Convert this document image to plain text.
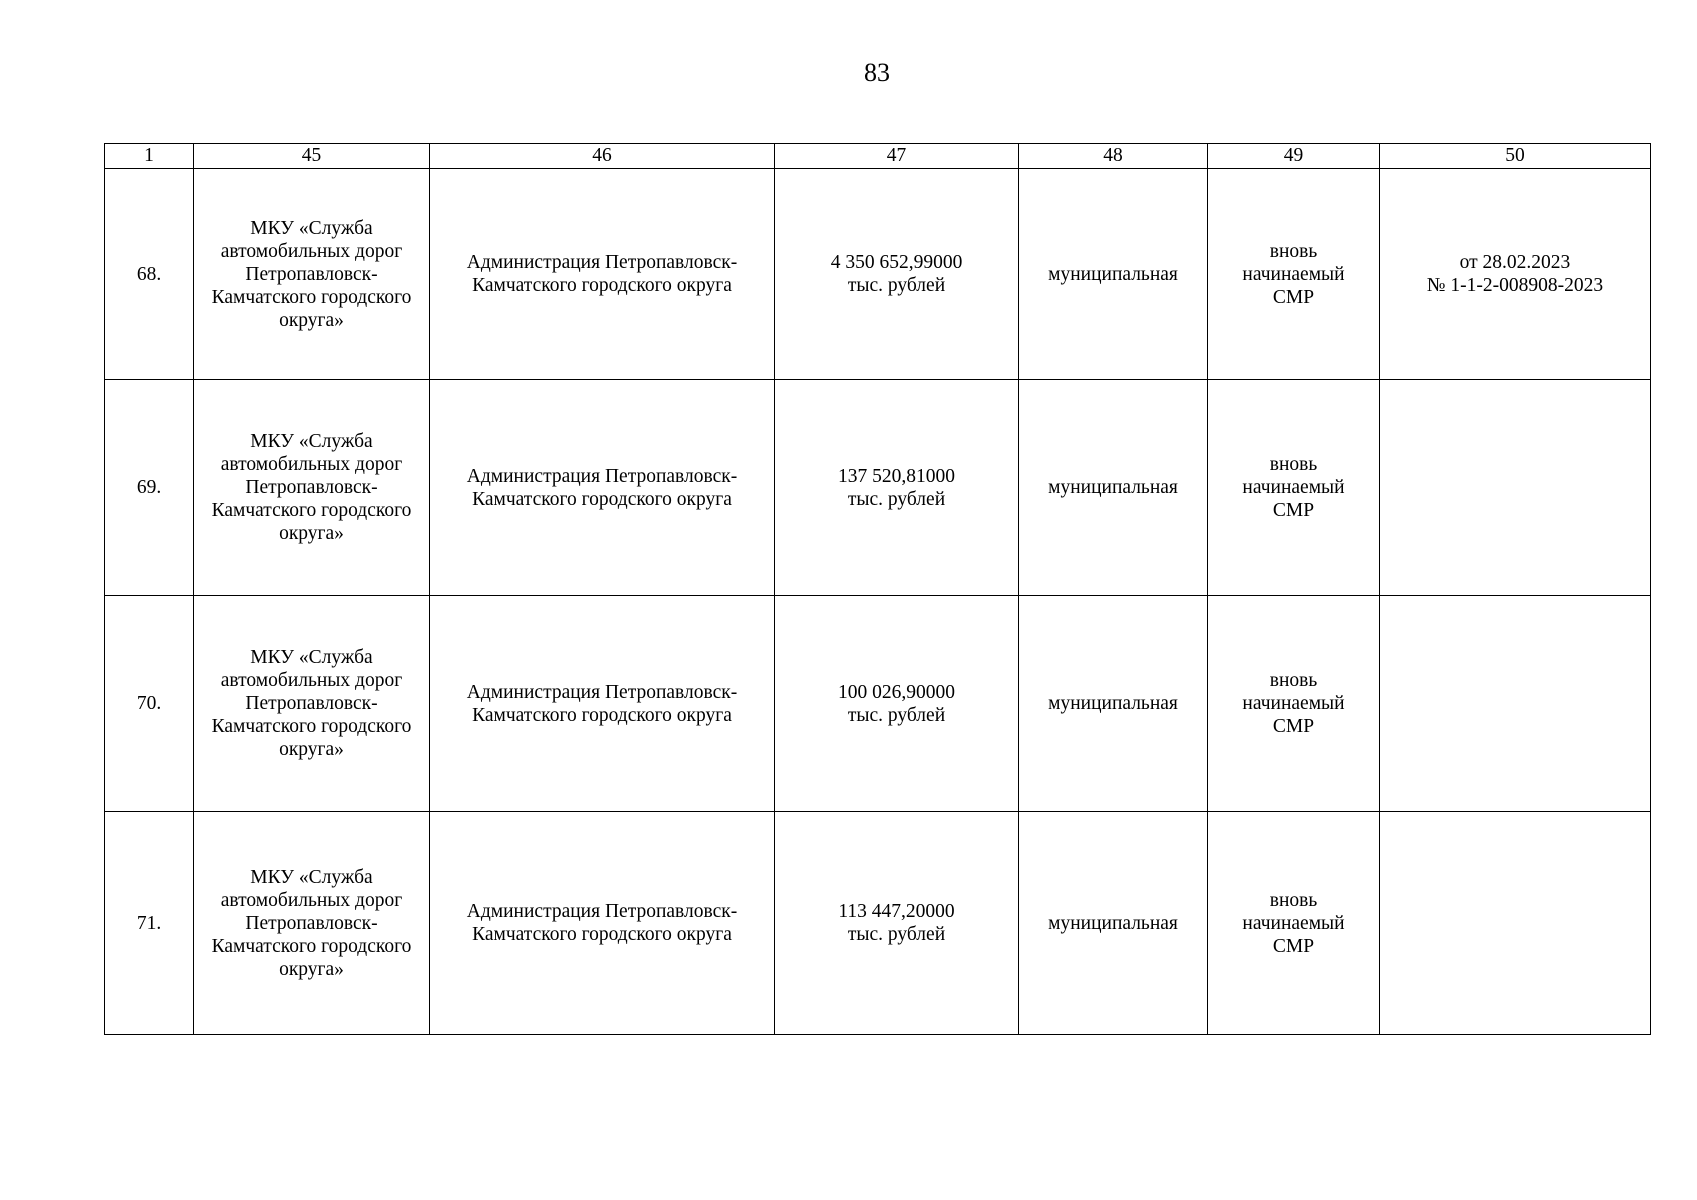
83
1	45	46	47	48	49	50
68.	МКУ «Служба
автомобильных дорог
Петропавловск-
Камчатского городского
округа»	Администрация Петропавловск-
Камчатского городского округа	4 350 652,99000
тыс. рублей	муниципальная	вновь
начинаемый
СМР	от 28.02.2023
№ 1-1-2-008908-2023
69.	МКУ «Служба
автомобильных дорог
Петропавловск-
Камчатского городского
округа»	Администрация Петропавловск-
Камчатского городского округа	137 520,81000
тыс. рублей	муниципальная	вновь
начинаемый
СМР	
70.	МКУ «Служба
автомобильных дорог
Петропавловск-
Камчатского городского
округа»	Администрация Петропавловск-
Камчатского городского округа	100 026,90000
тыс. рублей	муниципальная	вновь
начинаемый
СМР	
71.	МКУ «Служба
автомобильных дорог
Петропавловск-
Камчатского городского
округа»	Администрация Петропавловск-
Камчатского городского округа	113 447,20000
тыс. рублей	муниципальная	вновь
начинаемый
СМР	
